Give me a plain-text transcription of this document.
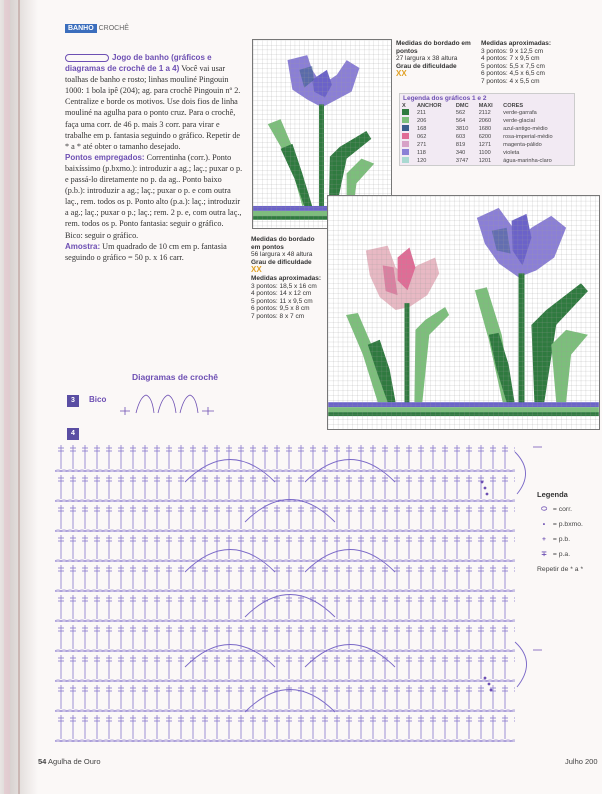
BANHO CROCHÊ
Jogo de banho (gráficos e diagramas de crochê de 1 a 4) Você vai usar toalhas de banho e rosto; linhas mouliné Pingouin 1000: 1 bola ipê (204); ag. para crochê Pingouin nº 2. Centralize e borde os motivos. Use dois fios de linha mouliné na agulha para o ponto cruz. Para o crochê, faça uma corr. de 46 p. mais 3 corr. para virar e trabalhe em p. fantasia seguindo o gráfico. Repetir de * a * até obter o tamanho desejado.
Pontos empregados: Correntinha (corr.). Ponto baixíssimo (p.bxmo.): introduzir a ag.; laç.; puxar o p. e passá-lo diretamente no p. da ag.. Ponto baixo (p.b.): introduzir a ag.; laç.; puxar o p. e com outra laç., rem. todos os p. Ponto alto (p.a.): laç.; introduzir a ag.; laç.; puxar o p.; laç.; rem. 2 p. e, com outra laç., rem. todos os p. Ponto fantasia: seguir o gráfico. Bico: seguir o gráfico.
Amostra: Um quadrado de 10 cm em p. fantasia seguindo o gráfico = 50 p. x 16 carr.
Medidas do bordado em pontos
27 largura x 38 altura
Grau de dificuldade
XX
Medidas aproximadas:
3 pontos: 9 x 12,5 cm
4 pontos: 7 x 9,5 cm
5 pontos: 5,5 x 7,5 cm
6 pontos: 4,5 x 6,5 cm
7 pontos: 4 x 5,5 cm
Legenda dos gráficos 1 e 2
X	ANCHOR	DMC	MAXI	CORES
	211	562	2112	verde-garrafa
	206	564	2060	verde-glacial
	168	3810	1680	azul-antigo-médio
	062	603	6200	rosa-imperial-médio
	271	819	1271	magenta-pálido
	118	340	1100	violeta
	120	3747	1201	água-marinha-claro
Medidas do bordado em pontos
56 largura x 48 altura
Grau de dificuldade
XX
Medidas aproximadas:
3 pontos: 18,5 x 16 cm
4 pontos: 14 x 12 cm
5 pontos: 11 x 9,5 cm
6 pontos: 9,5 x 8 cm
7 pontos: 8 x 7 cm
Diagramas de crochê
3	Bico
4
Legenda
⬭ = corr.
• = p.bxmo.
+ = p.b.
∓ = p.a.
Repetir de * a *
54 Agulha de Ouro	Julho 200
